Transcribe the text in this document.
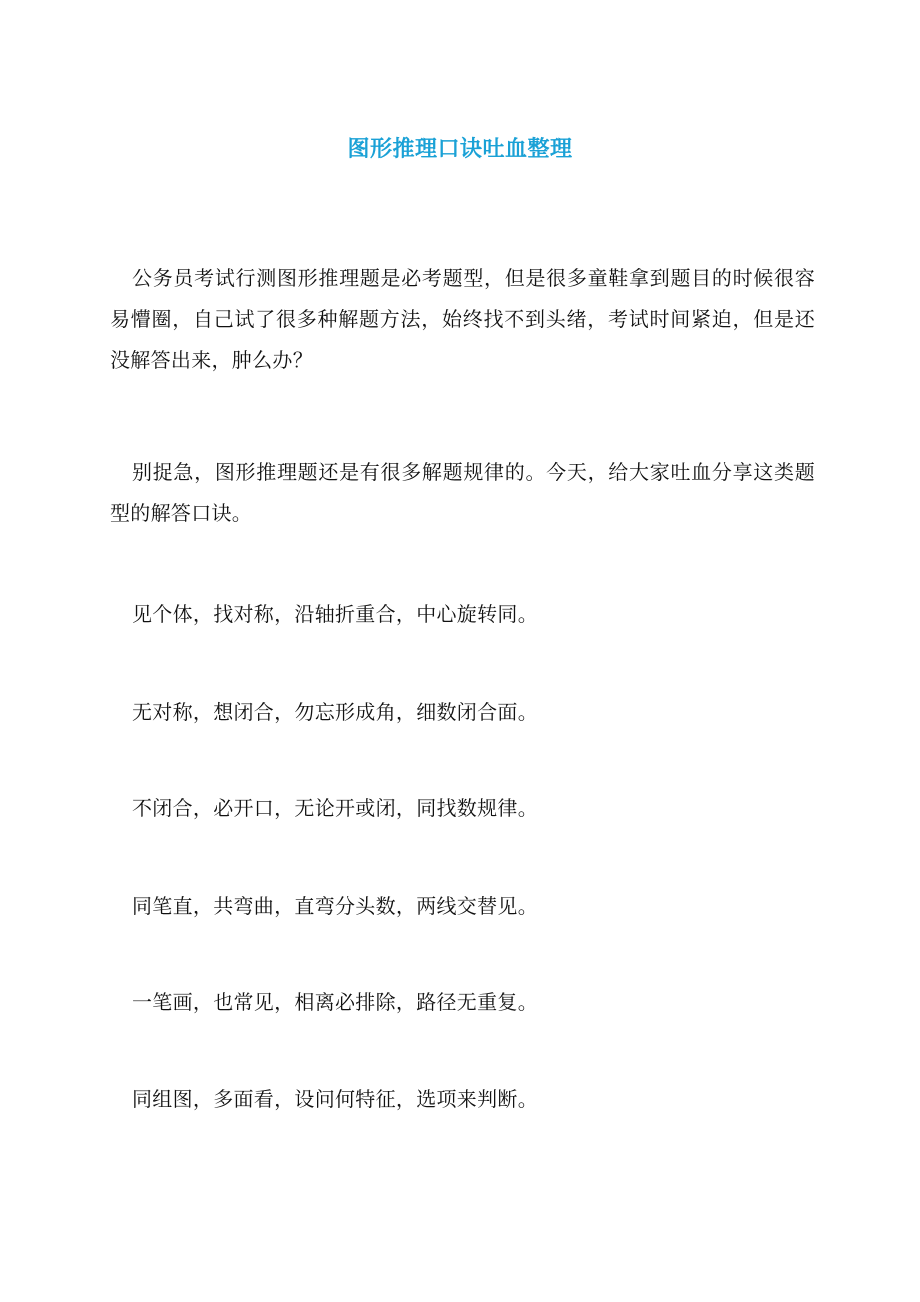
图形推理口诀吐血整理

公务员考试行测图形推理题是必考题型，但是很多童鞋拿到题目的时候很容易懵圈，自己试了很多种解题方法，始终找不到头绪，考试时间紧迫，但是还没解答出来，肿么办？

别捉急，图形推理题还是有很多解题规律的。今天，给大家吐血分享这类题型的解答口诀。

见个体，找对称，沿轴折重合，中心旋转同。

无对称，想闭合，勿忘形成角，细数闭合面。

不闭合，必开口，无论开或闭，同找数规律。

同笔直，共弯曲，直弯分头数，两线交替见。

一笔画，也常见，相离必排除，路径无重复。

同组图，多面看，设问何特征，选项来判断。
